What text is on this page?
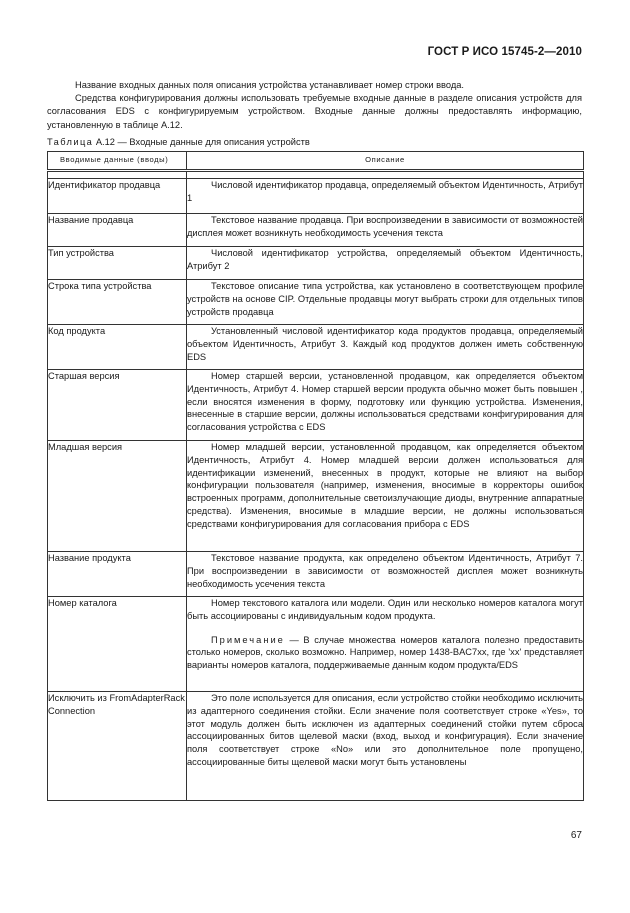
ГОСТ Р ИСО 15745-2—2010

Название входных данных поля описания устройства устанавливает номер строки ввода.

Средства конфигурирования должны использовать требуемые входные данные в разделе описания устройств для согласования EDS с конфигурируемым устройством. Входные данные должны предоставлять информацию, установленную в таблице А.12.

Таблица А.12 — Входные данные для описания устройств
Вводимые данные (вводы)	Описание

Идентификатор продавца	Числовой идентификатор продавца, определяемый объектом Идентичность, Атрибут 1

Название продавца	Текстовое название продавца. При воспроизведении в зависимости от возможностей дисплея может возникнуть необходимость усечения текста

Тип устройства	Числовой идентификатор устройства, определяемый объектом Идентичность, Атрибут 2

Строка типа устройства	Текстовое описание типа устройства, как установлено в соответствующем профиле устройств на основе CIP. Отдельные продавцы могут выбрать строки для отдельных типов устройств продавца

Код продукта	Установленный числовой идентификатор кода продуктов продавца, определяемый объектом Идентичность, Атрибут 3. Каждый код продуктов должен иметь собственную EDS

Старшая версия	Номер старшей версии, установленной продавцом, как определяется объектом Идентичность, Атрибут 4. Номер старшей версии продукта обычно может быть повышен , если вносятся изменения в форму, подготовку или функцию устройства. Изменения, внесенные в старшие версии, должны использоваться средствами конфигурирования для согласования устройства с EDS

Младшая версия	Номер младшей версии, установленной продавцом, как определяется объектом Идентичность, Атрибут 4. Номер младшей версии должен использоваться для идентификации изменений, внесенных в продукт, которые не влияют на выбор конфигурации пользователя (например, изменения, вносимые в корректоры ошибок встроенных программ, дополнительные светоизлучающие диоды, внутренние аппаратные средства). Изменения, вносимые в младшие версии, не должны использоваться средствами конфигурирования для согласования прибора с EDS

Название продукта	Текстовое название продукта, как определено объектом Идентичность, Атрибут 7. При воспроизведении в зависимости от возможностей дисплея может возникнуть необходимость усечения текста

Номер каталога	Номер текстового каталога или модели. Один или несколько номеров каталога могут быть ассоциированы с индивидуальным кодом продукта.

Примечание — В случае множества номеров каталога полезно предоставить столько номеров, сколько возможно. Например, номер 1438-BAC7xx, где 'xx' представляет варианты номеров каталога, поддерживаемые данным кодом продукта/EDS

Исключить из FromAdapterRackConnection	Это поле используется для описания, если устройство стойки необходимо исключить из адаптерного соединения стойки. Если значение поля соответствует строке «Yes», то этот модуль должен быть исключен из адаптерных соединений стойки путем сброса ассоциированных битов щелевой маски (вход, выход и конфигурация). Если значение поля соответствует строке «No» или это дополнительное поле пропущено, ассоциированные биты щелевой маски могут быть установлены

67
